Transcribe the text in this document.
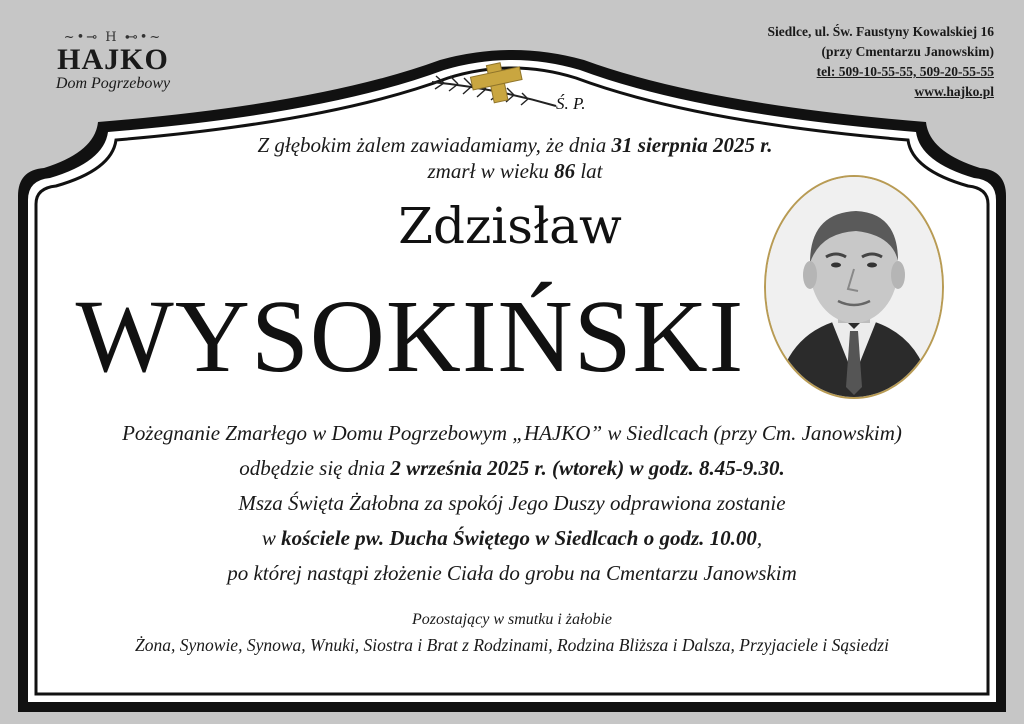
~•⊸ H ⊷•~
HAJKO
Dom Pogrzebowy
Siedlce, ul. Św. Faustyny Kowalskiej 16
(przy Cmentarzu Janowskim)
tel: 509-10-55-55, 509-20-55-55
www.hajko.pl
Ś. P.
Z głębokim żalem zawiadamiamy, że dnia 31 sierpnia 2025 r.
zmarł w wieku 86 lat
Zdzisław
WYSOKIŃSKI
Pożegnanie Zmarłego w Domu Pogrzebowym „HAJKO” w Siedlcach (przy Cm. Janowskim)
odbędzie się dnia 2 września 2025 r. (wtorek) w godz. 8.45-9.30.
Msza Święta Żałobna za spokój Jego Duszy odprawiona zostanie
w kościele pw. Ducha Świętego w Siedlcach o godz. 10.00,
po której nastąpi złożenie Ciała do grobu na Cmentarzu Janowskim
Pozostający w smutku i żałobie
Żona, Synowie, Synowa, Wnuki, Siostra i Brat z Rodzinami, Rodzina Bliższa i Dalsza, Przyjaciele i Sąsiedzi
